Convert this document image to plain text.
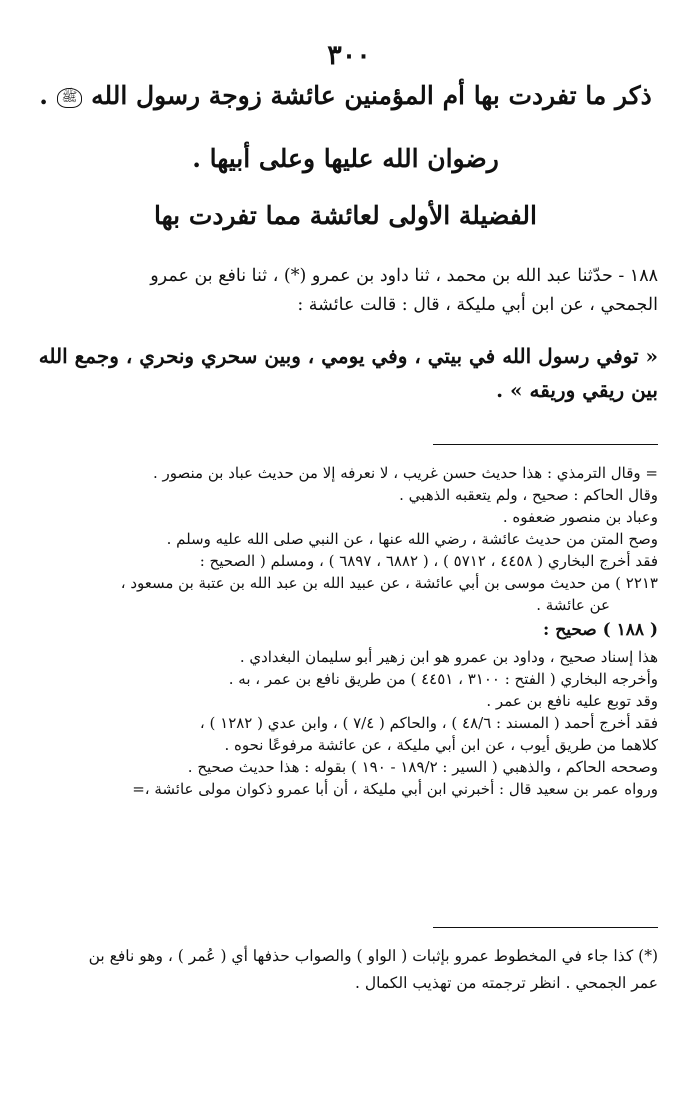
٣٠٠
ذكر ما تفردت بها أم المؤمنين عائشة زوجة رسول الله ﷺ .
رضوان الله عليها وعلى أبيها .
الفضيلة الأولى لعائشة مما تفردت بها
١٨٨ - حدّثنا عبد الله بن محمد ، ثنا داود بن عمرو (*) ، ثنا نافع بن عمرو
الجمحي ، عن ابن أبي مليكة ، قال : قالت عائشة :
« توفي رسول الله في بيتي ، وفي يومي ، وبين سحري ونحري ، وجمع الله
بين ريقي وريقه » .
= وقال الترمذي : هذا حديث حسن غريب ، لا نعرفه إلا من حديث عباد بن منصور .
وقال الحاكم : صحيح ، ولم يتعقبه الذهبي .
وعباد بن منصور ضعفوه .
وصح المتن من حديث عائشة ، رضي الله عنها ، عن النبي صلى الله عليه وسلم .
فقد أخرج البخاري ( ٤٤٥٨ ، ٥٧١٢ ) ، ( ٦٨٨٢ ، ٦٨٩٧ ) ، ومسلم ( الصحيح :
٢٢١٣ ) من حديث موسى بن أبي عائشة ، عن عبيد الله بن عبد الله بن عتبة بن مسعود ،
عن عائشة .
( ١٨٨ ) صحيح :
هذا إسناد صحيح ، وداود بن عمرو هو ابن زهير أبو سليمان البغدادي .
وأخرجه البخاري ( الفتح : ٣١٠٠ ، ٤٤٥١ ) من طريق نافع بن عمر ، به .
وقد توبع عليه نافع بن عمر .
فقد أخرج أحمد ( المسند : ٤٨/٦ ) ، والحاكم ( ٧/٤ ) ، وابن عدي ( ١٢٨٢ ) ،
كلاهما من طريق أيوب ، عن ابن أبي مليكة ، عن عائشة مرفوعًا نحوه .
وصححه الحاكم ، والذهبي ( السير : ١٨٩/٢ - ١٩٠ ) بقوله : هذا حديث صحيح .
ورواه عمر بن سعيد قال : أخبرني ابن أبي مليكة ، أن أبا عمرو ذكوان مولى عائشة ،=
(*) كذا جاء في المخطوط عمرو بإثبات ( الواو ) والصواب حذفها أي ( عُمر ) ، وهو نافع بن
عمر الجمحي . انظر ترجمته من تهذيب الكمال .
